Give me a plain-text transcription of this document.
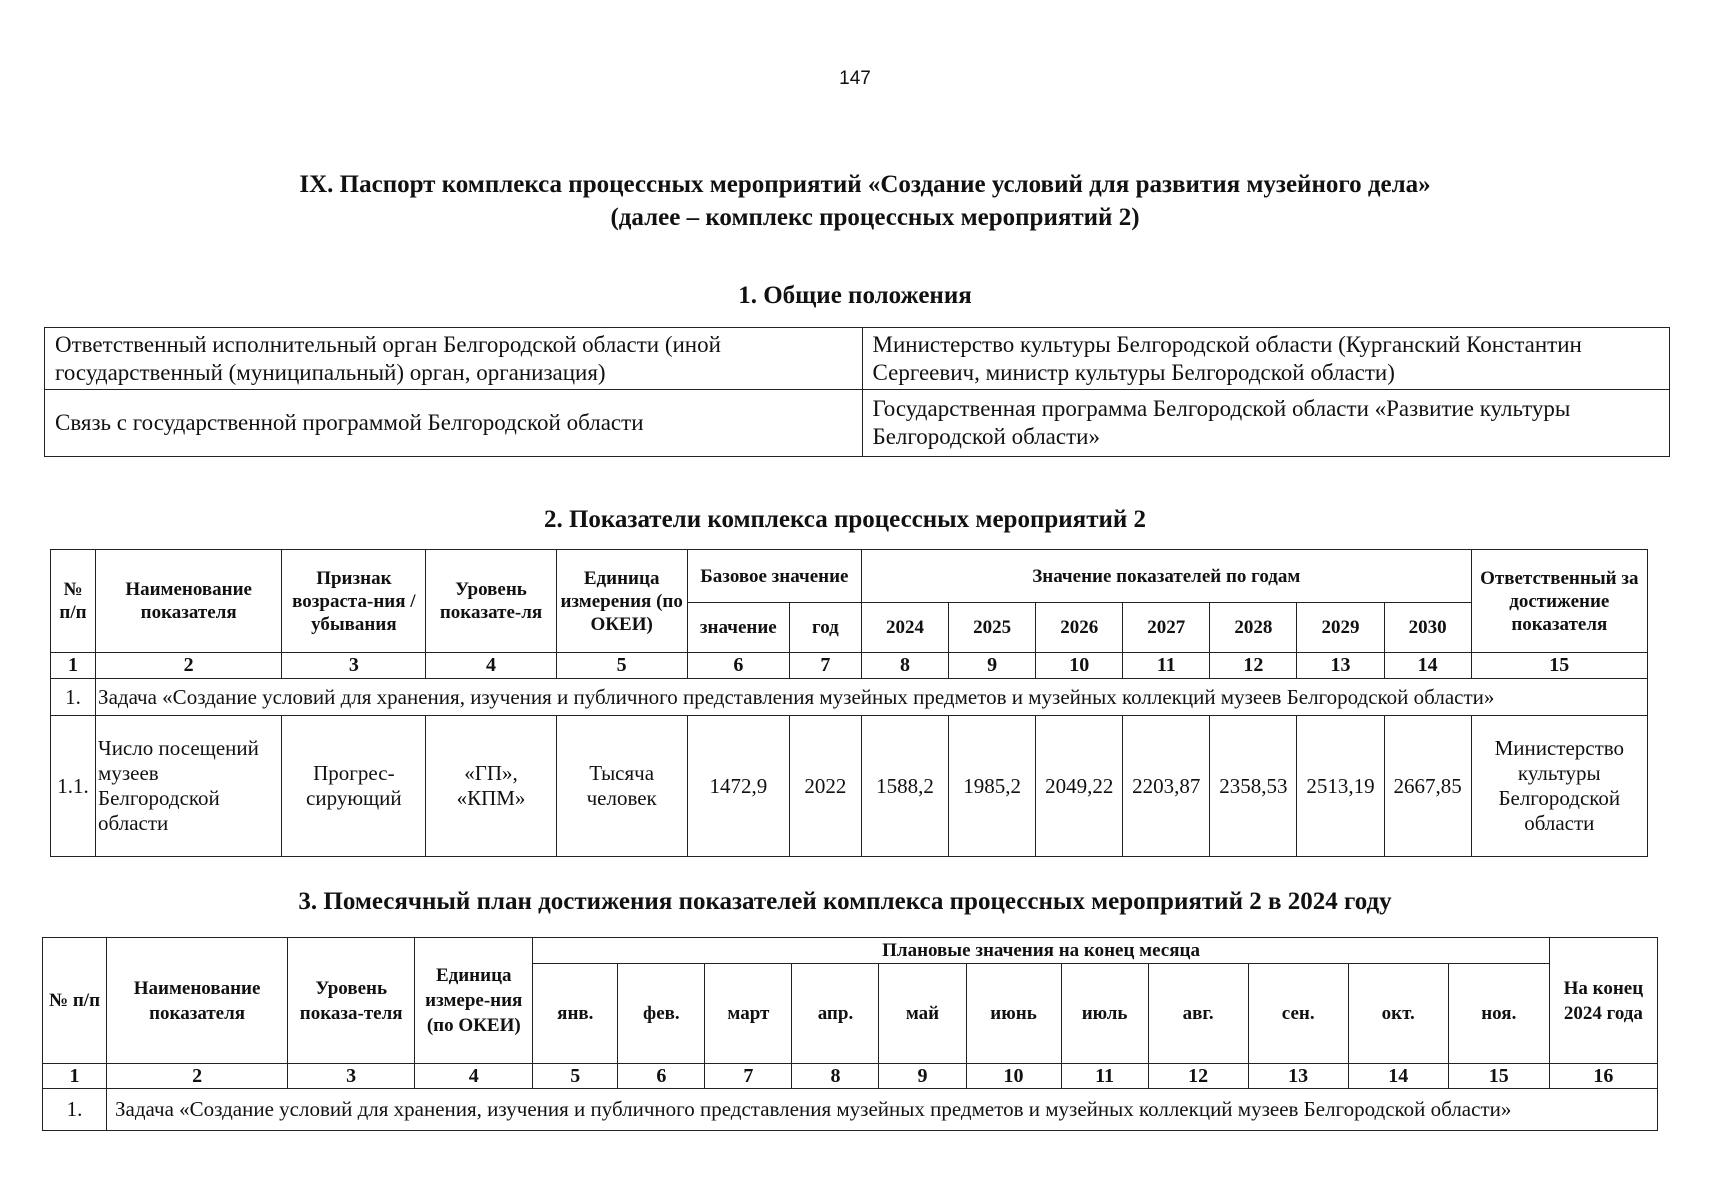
147
IX. Паспорт комплекса процессных мероприятий «Создание условий для развития музейного дела»
(далее – комплекс процессных мероприятий 2)
1. Общие положения
Ответственный исполнительный орган Белгородской области (иной государственный (муниципальный) орган, организация)	Министерство культуры Белгородской области (Курганский Константин Сергеевич, министр культуры Белгородской области)
Связь с государственной программой Белгородской области	Государственная программа Белгородской области «Развитие культуры Белгородской области»
2. Показатели комплекса процессных мероприятий 2
№ п/п	Наименование показателя	Признак возраста-ния / убывания	Уровень показате-ля	Единица измерения (по ОКЕИ)	Базовое значение		Значение показателей по годам							Ответственный за достижение показателя
					значение	год	2024	2025	2026	2027	2028	2029	2030	
1	2	3	4	5	6	7	8	9	10	11	12	13	14	15
1.	Задача «Создание условий для хранения, изучения и публичного представления музейных предметов и музейных коллекций музеев Белгородской области»													
1.1.	Число посещений музеев Белгородской области	Прогрес-сирующий	«ГП», «КПМ»	Тысяча человек	1472,9	2022	1588,2	1985,2	2049,22	2203,87	2358,53	2513,19	2667,85	Министерство культуры Белгородской области
3. Помесячный план достижения показателей комплекса процессных мероприятий 2 в 2024 году
№ п/п	Наименование показателя	Уровень показа-теля	Единица измере-ния (по ОКЕИ)	Плановые значения на конец месяца											На конец 2024 года
				янв.	фев.	март	апр.	май	июнь	июль	авг.	сен.	окт.	ноя.	
1	2	3	4	5	6	7	8	9	10	11	12	13	14	15	16
1.	Задача «Создание условий для хранения, изучения и публичного представления музейных предметов и музейных коллекций музеев Белгородской области»														
